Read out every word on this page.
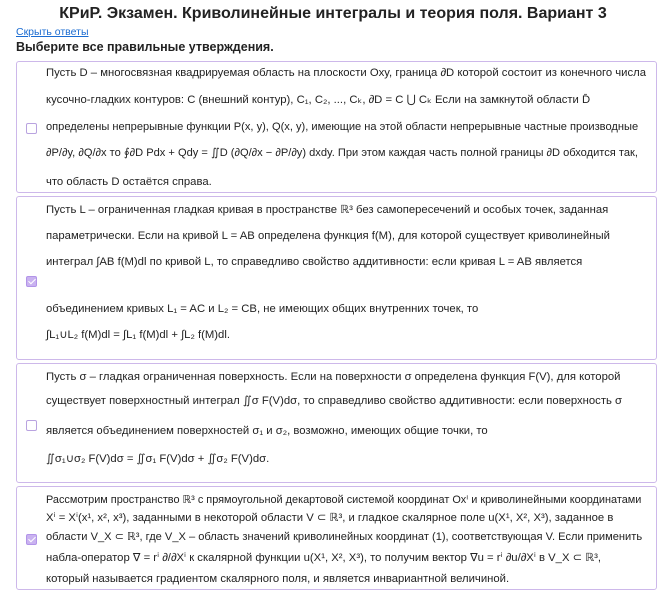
КРиР. Экзамен. Криволинейные интегралы и теория поля. Вариант 3
Скрыть ответы
Выберите все правильные утверждения.
Пусть D – многосвязная квадрируемая область на плоскости Oxy, граница ∂D которой состоит из конечного числа
кусочно-гладких контуров: C (внешний контур), C₁, C₂, ..., Cₖ, ∂D = C ⋃ Cₖ Если на замкнутой области D̄
определены непрерывные функции P(x, y), Q(x, y), имеющие на этой области непрерывные частные производные
∂P/∂y, ∂Q/∂x то ∮∂D Pdx + Qdy = ∬D (∂Q/∂x − ∂P/∂y) dxdy. При этом каждая часть полной границы ∂D обходится так,
что область D остаётся справа.
Пусть L – ограниченная гладкая кривая в пространстве ℝ³ без самопересечений и особых точек, заданная
параметрически. Если на кривой L = AB определена функция f(M), для которой существует криволинейный
интеграл ∫AB f(M)dl по кривой L, то справедливо свойство аддитивности: если кривая L = AB является
объединением кривых L₁ = AC и L₂ = CB, не имеющих общих внутренних точек, то
∫L₁∪L₂ f(M)dl = ∫L₁ f(M)dl + ∫L₂ f(M)dl.
Пусть σ – гладкая ограниченная поверхность. Если на поверхности σ определена функция F(V), для которой
существует поверхностный интеграл ∬σ F(V)dσ, то справедливо свойство аддитивности: если поверхность σ
является объединением поверхностей σ₁ и σ₂, возможно, имеющих общие точки, то
∬σ₁∪σ₂ F(V)dσ = ∬σ₁ F(V)dσ + ∬σ₂ F(V)dσ.
Рассмотрим пространство ℝ³ с прямоугольной декартовой системой координат Oxⁱ и криволинейными координатами
Xⁱ = Xⁱ(x¹, x², x³), заданными в некоторой области V ⊂ ℝ³, и гладкое скалярное поле u(X¹, X², X³), заданное в
области V_X ⊂ ℝ³, где V_X – область значений криволинейных координат (1), соответствующая V. Если применить
набла-оператор ∇ = rⁱ ∂/∂Xⁱ к скалярной функции u(X¹, X², X³), то получим вектор ∇u = rⁱ ∂u/∂Xⁱ в V_X ⊂ ℝ³,
который называется градиентом скалярного поля, и является инвариантной величиной.
